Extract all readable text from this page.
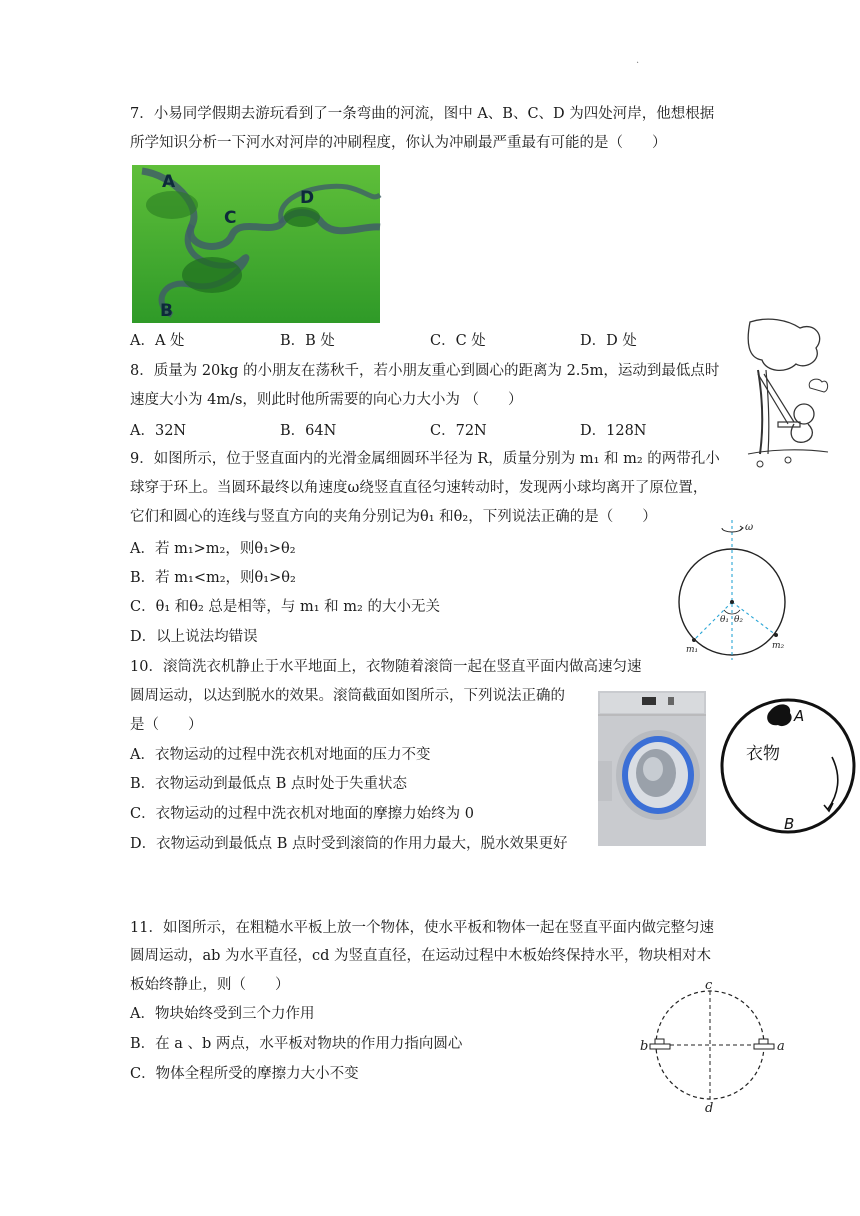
·
7．小易同学假期去游玩看到了一条弯曲的河流，图中 A、B、C、D 为四处河岸，他想根据
所学知识分析一下河水对河岸的冲刷程度，你认为冲刷最严重最有可能的是（　　）
A
B
C
D
A．A 处	B．B 处	C．C 处	D．D 处
8．质量为 20kg 的小朋友在荡秋千，若小朋友重心到圆心的距离为 2.5m，运动到最低点时
速度大小为 4m/s，则此时他所需要的向心力大小为 （　　）
A．32N	B．64N	C．72N	D．128N
9．如图所示，位于竖直面内的光滑金属细圆环半径为 R，质量分别为 m₁ 和 m₂ 的两带孔小
球穿于环上。当圆环最终以角速度ω绕竖直直径匀速转动时，发现两小球均离开了原位置，
它们和圆心的连线与竖直方向的夹角分别记为θ₁ 和θ₂，下列说法正确的是（　　）
A．若 m₁>m₂，则θ₁>θ₂
B．若 m₁<m₂，则θ₁>θ₂
C．θ₁ 和θ₂ 总是相等，与 m₁ 和 m₂ 的大小无关
D．以上说法均错误
ω
θ₁ θ₂
m₁	m₂
10．滚筒洗衣机静止于水平地面上，衣物随着滚筒一起在竖直平面内做高速匀速
圆周运动，以达到脱水的效果。滚筒截面如图所示，下列说法正确的
是（　　）
A．衣物运动的过程中洗衣机对地面的压力不变
B．衣物运动到最低点 B 点时处于失重状态
C．衣物运动的过程中洗衣机对地面的摩擦力始终为 0
D．衣物运动到最低点 B 点时受到滚筒的作用力最大，脱水效果更好
A
衣物
B
11．如图所示，在粗糙水平板上放一个物体，使水平板和物体一起在竖直平面内做完整匀速
圆周运动，ab 为水平直径，cd 为竖直直径，在运动过程中木板始终保持水平，物块相对木
板始终静止，则（　　）
A．物块始终受到三个力作用
B．在 a 、b 两点，水平板对物块的作用力指向圆心
C．物体全程所受的摩擦力大小不变
c
d
b	a
